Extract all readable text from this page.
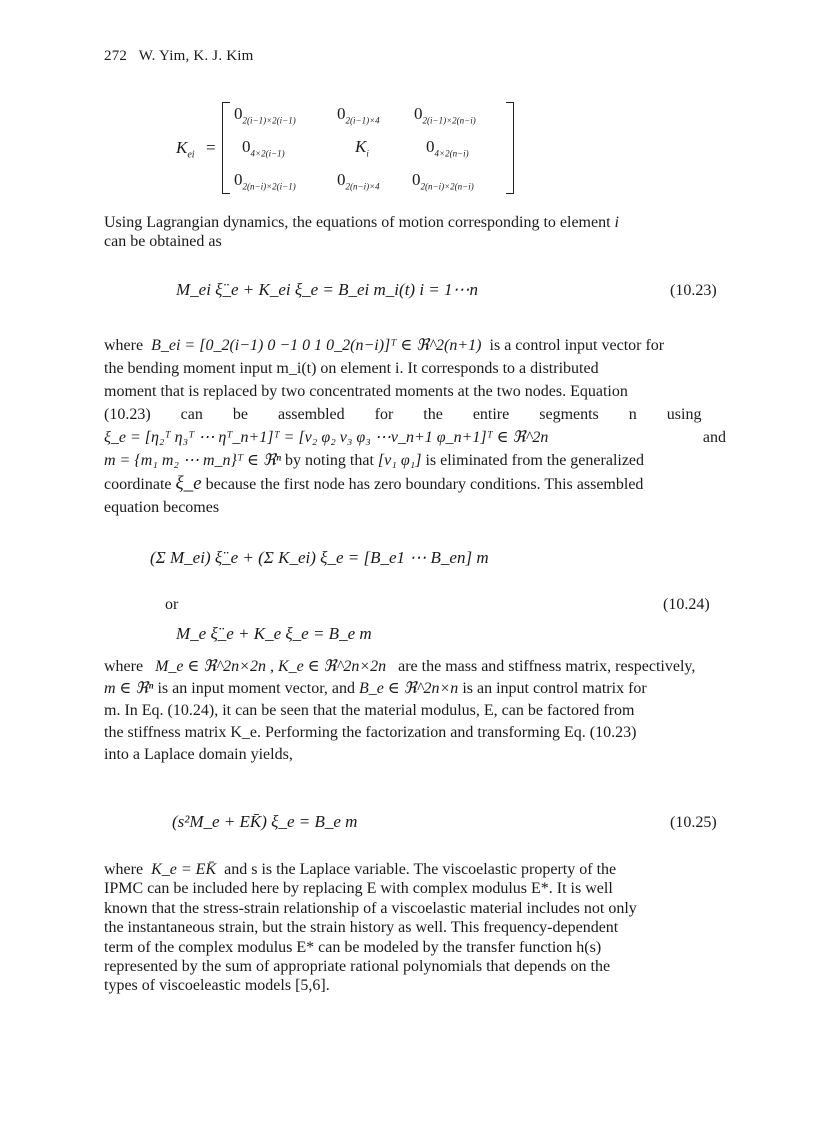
272 W. Yim, K. J. Kim
$K_{ei}$ =
$0_{2(i-1)\times 2(i-1)}$ $0_{2(i-1)\times 4}$ $0_{2(i-1)\times 2(n-i)}$
$0_{4\times 2(i-1)}$	$K_i$	$0_{4\times 2(n-i)}$
$0_{2(n-i)\times 2(i-1)}$ $0_{2(n-i)\times 4}$ $0_{2(n-i)\times 2(n-i)}$

Using Lagrangian dynamics, the equations of motion corresponding to element i

can be obtained as

M_ei ξ̈_e + K_ei ξ_e = B_ei m_i(t) i = 1⋯n	(10.23)

where B_ei = [0_2(i−1) 0 −1 0 1 0_2(n−i)]ᵀ ∈ ℜ^2(n+1) is a control input vector for

the bending moment input m_i(t) on element i. It corresponds to a distributed

moment that is replaced by two concentrated moments at the two nodes. Equation

(10.23) can be assembled for the entire segments n using

ξ_e = [η₂ᵀ η₃ᵀ ⋯ ηᵀ_n+1]ᵀ = [v₂ φ₂ v₃ φ₃ ⋯v_n+1 φ_n+1]ᵀ ∈ ℜ^2n	and

m = {m₁ m₂ ⋯ m_n}ᵀ ∈ ℜⁿ by noting that [v₁ φ₁] is eliminated from the generalized

coordinate ξ_e because the first node has zero boundary conditions. This assembled

equation becomes

(Σ M_ei) ξ̈_e + (Σ K_ei) ξ_e = [B_e1 ⋯ B_en] m
or	(10.24)
M_e ξ̈_e + K_e ξ_e = B_e m

where M_e ∈ ℜ^2n×2n , K_e ∈ ℜ^2n×2n are the mass and stiffness matrix, respectively,

m ∈ ℜⁿ is an input moment vector, and B_e ∈ ℜ^2n×n is an input control matrix for

m. In Eq. (10.24), it can be seen that the material modulus, E, can be factored from

the stiffness matrix K_e. Performing the factorization and transforming Eq. (10.23)

into a Laplace domain yields,

(s²M_e + EK̄) ξ_e = B_e m	(10.25)

where K_e = EK̄ and s is the Laplace variable. The viscoelastic property of the

IPMC can be included here by replacing E with complex modulus E*. It is well

known that the stress-strain relationship of a viscoelastic material includes not only

the instantaneous strain, but the strain history as well. This frequency-dependent

term of the complex modulus E* can be modeled by the transfer function h(s)

represented by the sum of appropriate rational polynomials that depends on the

types of viscoeleastic models [5,6].
